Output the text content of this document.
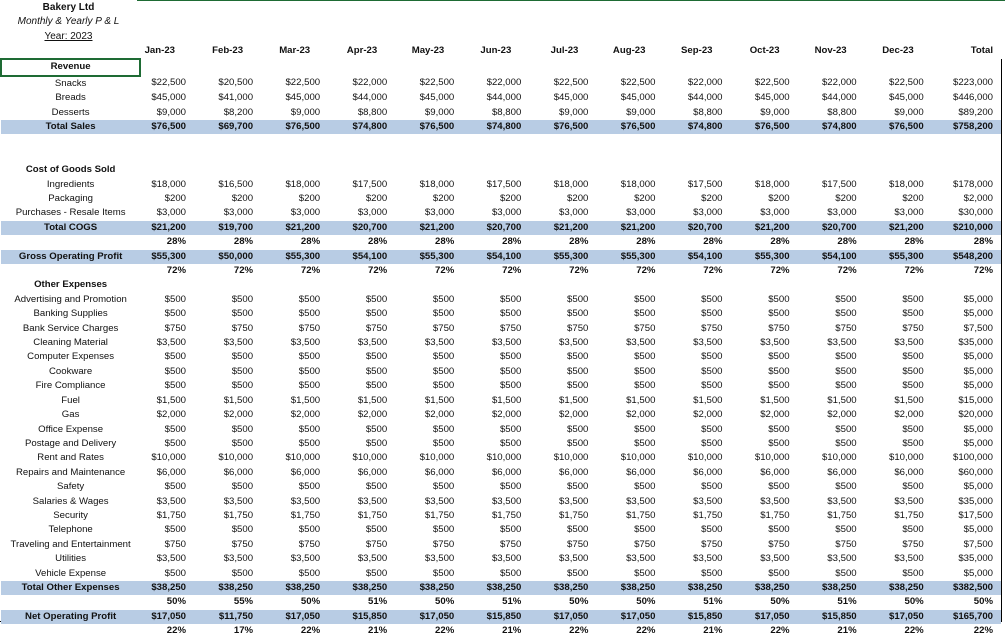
Bakery Ltd
Monthly & Yearly P & L
Year: 2023
	Jan-23	Feb-23	Mar-23	Apr-23	May-23	Jun-23	Jul-23	Aug-23	Sep-23	Oct-23	Nov-23	Dec-23	Total
Revenue													
Snacks	$22,500	$20,500	$22,500	$22,000	$22,500	$22,000	$22,500	$22,500	$22,000	$22,500	$22,000	$22,500	$223,000
Breads	$45,000	$41,000	$45,000	$44,000	$45,000	$44,000	$45,000	$45,000	$44,000	$45,000	$44,000	$45,000	$446,000
Desserts	$9,000	$8,200	$9,000	$8,800	$9,000	$8,800	$9,000	$9,000	$8,800	$9,000	$8,800	$9,000	$89,200
Total Sales	$76,500	$69,700	$76,500	$74,800	$76,500	$74,800	$76,500	$76,500	$74,800	$76,500	$74,800	$76,500	$758,200

Cost of Goods Sold													
Ingredients	$18,000	$16,500	$18,000	$17,500	$18,000	$17,500	$18,000	$18,000	$17,500	$18,000	$17,500	$18,000	$178,000
Packaging	$200	$200	$200	$200	$200	$200	$200	$200	$200	$200	$200	$200	$2,000
Purchases - Resale Items	$3,000	$3,000	$3,000	$3,000	$3,000	$3,000	$3,000	$3,000	$3,000	$3,000	$3,000	$3,000	$30,000
Total COGS	$21,200	$19,700	$21,200	$20,700	$21,200	$20,700	$21,200	$21,200	$20,700	$21,200	$20,700	$21,200	$210,000
	28%	28%	28%	28%	28%	28%	28%	28%	28%	28%	28%	28%	28%
Gross Operating Profit	$55,300	$50,000	$55,300	$54,100	$55,300	$54,100	$55,300	$55,300	$54,100	$55,300	$54,100	$55,300	$548,200
	72%	72%	72%	72%	72%	72%	72%	72%	72%	72%	72%	72%	72%
Other Expenses													
Advertising and Promotion	$500	$500	$500	$500	$500	$500	$500	$500	$500	$500	$500	$500	$5,000
Banking Supplies	$500	$500	$500	$500	$500	$500	$500	$500	$500	$500	$500	$500	$5,000
Bank Service Charges	$750	$750	$750	$750	$750	$750	$750	$750	$750	$750	$750	$750	$7,500
Cleaning Material	$3,500	$3,500	$3,500	$3,500	$3,500	$3,500	$3,500	$3,500	$3,500	$3,500	$3,500	$3,500	$35,000
Computer Expenses	$500	$500	$500	$500	$500	$500	$500	$500	$500	$500	$500	$500	$5,000
Cookware	$500	$500	$500	$500	$500	$500	$500	$500	$500	$500	$500	$500	$5,000
Fire Compliance	$500	$500	$500	$500	$500	$500	$500	$500	$500	$500	$500	$500	$5,000
Fuel	$1,500	$1,500	$1,500	$1,500	$1,500	$1,500	$1,500	$1,500	$1,500	$1,500	$1,500	$1,500	$15,000
Gas	$2,000	$2,000	$2,000	$2,000	$2,000	$2,000	$2,000	$2,000	$2,000	$2,000	$2,000	$2,000	$20,000
Office Expense	$500	$500	$500	$500	$500	$500	$500	$500	$500	$500	$500	$500	$5,000
Postage and Delivery	$500	$500	$500	$500	$500	$500	$500	$500	$500	$500	$500	$500	$5,000
Rent and Rates	$10,000	$10,000	$10,000	$10,000	$10,000	$10,000	$10,000	$10,000	$10,000	$10,000	$10,000	$10,000	$100,000
Repairs and Maintenance	$6,000	$6,000	$6,000	$6,000	$6,000	$6,000	$6,000	$6,000	$6,000	$6,000	$6,000	$6,000	$60,000
Safety	$500	$500	$500	$500	$500	$500	$500	$500	$500	$500	$500	$500	$5,000
Salaries & Wages	$3,500	$3,500	$3,500	$3,500	$3,500	$3,500	$3,500	$3,500	$3,500	$3,500	$3,500	$3,500	$35,000
Security	$1,750	$1,750	$1,750	$1,750	$1,750	$1,750	$1,750	$1,750	$1,750	$1,750	$1,750	$1,750	$17,500
Telephone	$500	$500	$500	$500	$500	$500	$500	$500	$500	$500	$500	$500	$5,000
Traveling and Entertainment	$750	$750	$750	$750	$750	$750	$750	$750	$750	$750	$750	$750	$7,500
Utilities	$3,500	$3,500	$3,500	$3,500	$3,500	$3,500	$3,500	$3,500	$3,500	$3,500	$3,500	$3,500	$35,000
Vehicle Expense	$500	$500	$500	$500	$500	$500	$500	$500	$500	$500	$500	$500	$5,000
Total Other Expenses	$38,250	$38,250	$38,250	$38,250	$38,250	$38,250	$38,250	$38,250	$38,250	$38,250	$38,250	$38,250	$382,500
	50%	55%	50%	51%	50%	51%	50%	50%	51%	50%	51%	50%	50%
Net Operating Profit	$17,050	$11,750	$17,050	$15,850	$17,050	$15,850	$17,050	$17,050	$15,850	$17,050	$15,850	$17,050	$165,700
	22%	17%	22%	21%	22%	21%	22%	22%	21%	22%	21%	22%	22%
